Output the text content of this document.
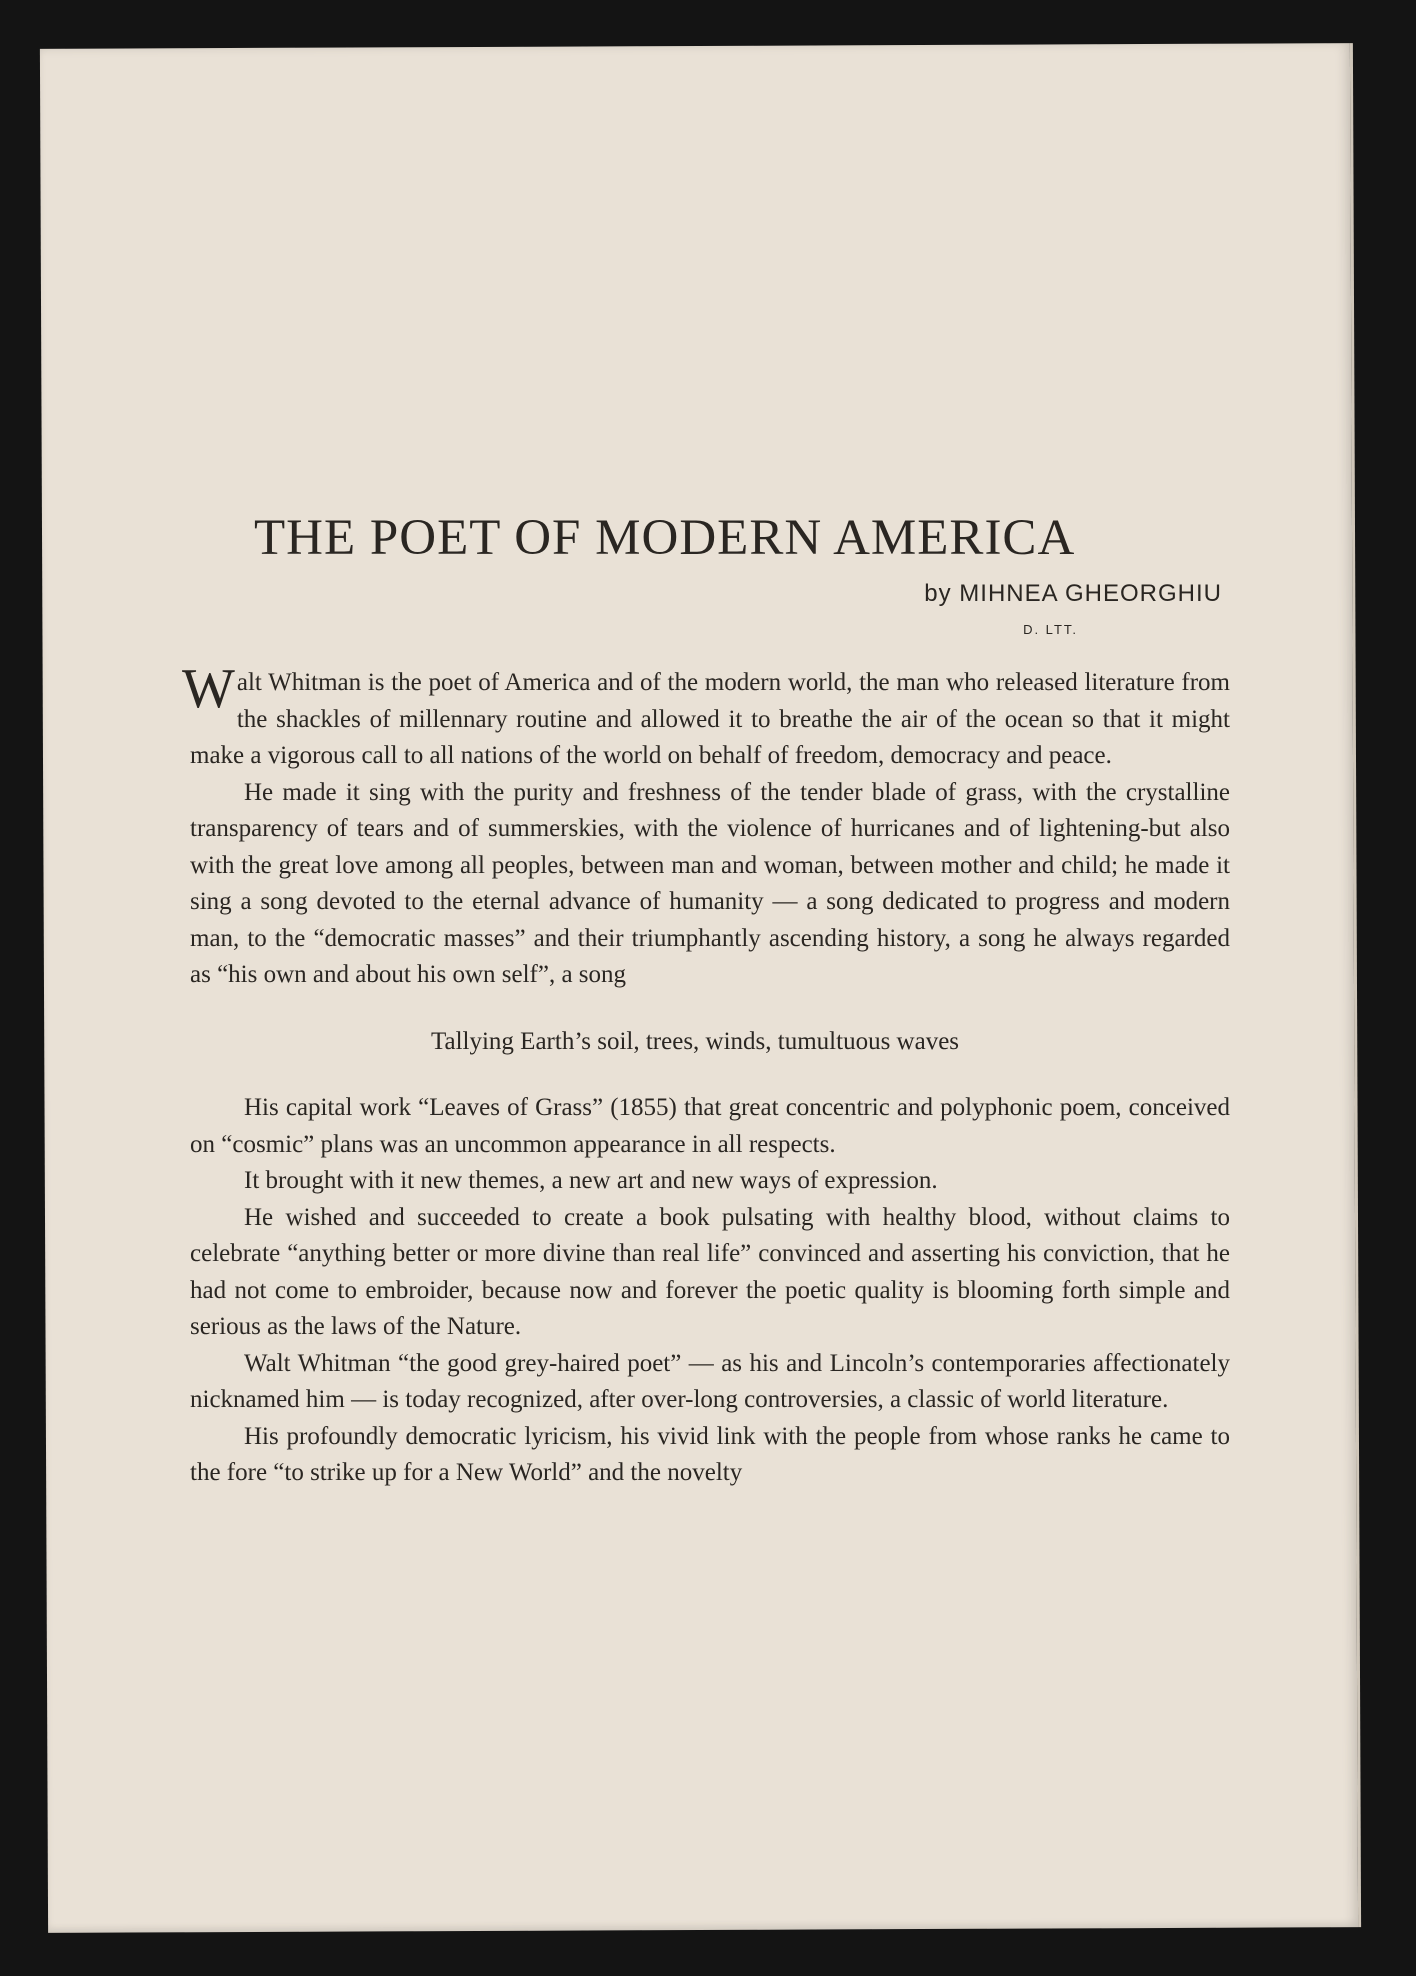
THE POET OF MODERN AMERICA
by MIHNEA GHEORGHIU
D. LTT.

Walt Whitman is the poet of America and of the modern world, the man who released literature from the shackles of millennary routine and allowed it to breathe the air of the ocean so that it might make a vigorous call to all nations of the world on behalf of freedom, democracy and peace.

He made it sing with the purity and freshness of the tender blade of grass, with the crystalline transparency of tears and of summerskies, with the violence of hurricanes and of lightening-but also with the great love among all peoples, between man and woman, between mother and child; he made it sing a song devoted to the eternal advance of humanity — a song dedicated to progress and modern man, to the “democratic masses” and their triumphantly ascending history, a song he always regarded as “his own and about his own self”, a song

Tallying Earth’s soil, trees, winds, tumultuous waves

His capital work “Leaves of Grass” (1855) that great concentric and polyphonic poem, conceived on “cosmic” plans was an uncommon appearance in all respects.

It brought with it new themes, a new art and new ways of expression.

He wished and succeeded to create a book pulsating with healthy blood, without claims to celebrate “anything better or more divine than real life” convinced and asserting his conviction, that he had not come to embroider, because now and forever the poetic quality is blooming forth simple and serious as the laws of the Nature.

Walt Whitman “the good grey-haired poet” — as his and Lincoln’s contemporaries affectionately nicknamed him — is today recognized, after over-long controversies, a classic of world literature.

His profoundly democratic lyricism, his vivid link with the people from whose ranks he came to the fore “to strike up for a New World” and the novelty
